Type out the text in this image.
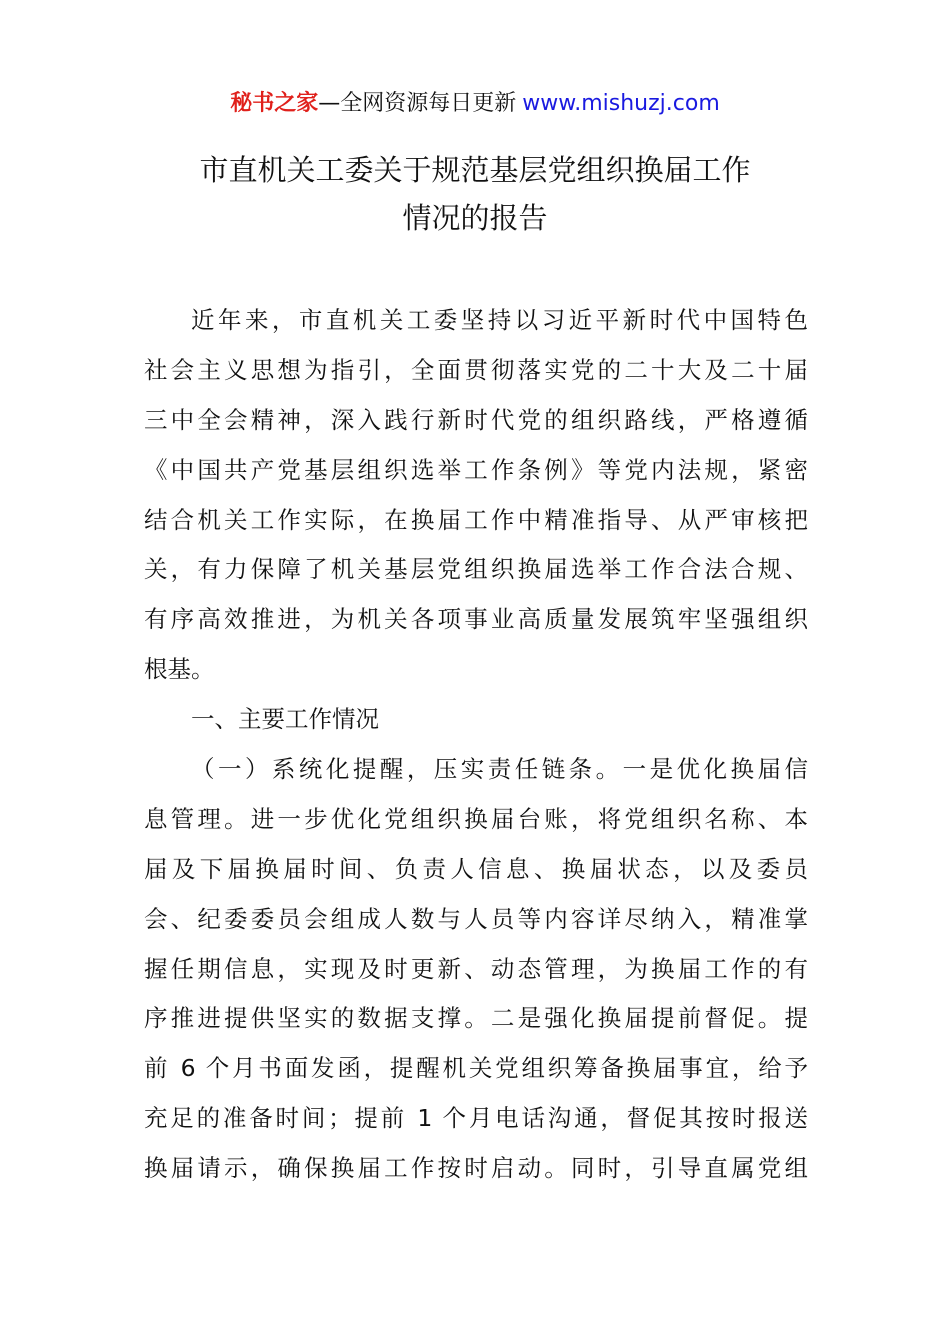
秘书之家—全网资源每日更新 www.mishuzj.com
市直机关工委关于规范基层党组织换届工作
情况的报告
近年来，市直机关工委坚持以习近平新时代中国特色
社会主义思想为指引，全面贯彻落实党的二十大及二十届
三中全会精神，深入践行新时代党的组织路线，严格遵循
《中国共产党基层组织选举工作条例》等党内法规，紧密
结合机关工作实际，在换届工作中精准指导、从严审核把
关，有力保障了机关基层党组织换届选举工作合法合规、
有序高效推进，为机关各项事业高质量发展筑牢坚强组织
根基。
一、主要工作情况
（一）系统化提醒，压实责任链条。一是优化换届信
息管理。进一步优化党组织换届台账，将党组织名称、本
届及下届换届时间、负责人信息、换届状态，以及委员
会、纪委委员会组成人数与人员等内容详尽纳入，精准掌
握任期信息，实现及时更新、动态管理，为换届工作的有
序推进提供坚实的数据支撑。二是强化换届提前督促。提
前 6 个月书面发函，提醒机关党组织筹备换届事宜，给予
充足的准备时间；提前 1 个月电话沟通，督促其按时报送
换届请示，确保换届工作按时启动。同时，引导直属党组
